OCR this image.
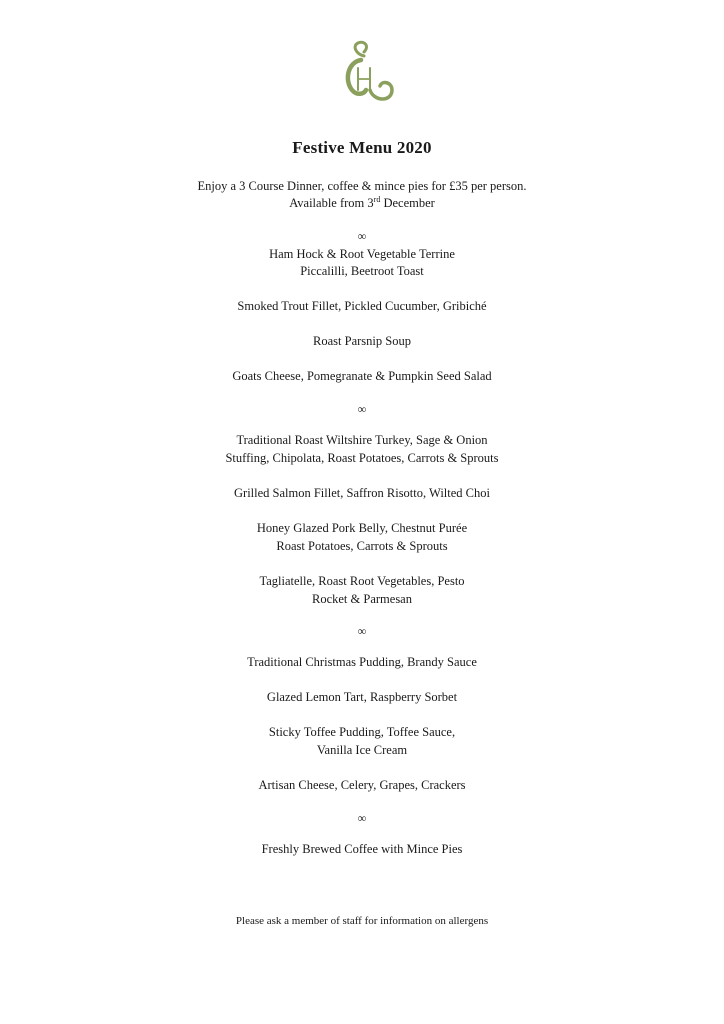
Festive Menu 2020
Enjoy a 3 Course Dinner, coffee & mince pies for £35 per person.
Available from 3rd December
∞
Ham Hock & Root Vegetable Terrine
Piccalilli, Beetroot Toast
Smoked Trout Fillet, Pickled Cucumber, Gribiché
Roast Parsnip Soup
Goats Cheese, Pomegranate & Pumpkin Seed Salad
∞
Traditional Roast Wiltshire Turkey, Sage & Onion
Stuffing, Chipolata, Roast Potatoes, Carrots & Sprouts
Grilled Salmon Fillet, Saffron Risotto, Wilted Choi
Honey Glazed Pork Belly, Chestnut Purée
Roast Potatoes, Carrots & Sprouts
Tagliatelle, Roast Root Vegetables, Pesto
Rocket & Parmesan
∞
Traditional Christmas Pudding, Brandy Sauce
Glazed Lemon Tart, Raspberry Sorbet
Sticky Toffee Pudding, Toffee Sauce,
Vanilla Ice Cream
Artisan Cheese, Celery, Grapes, Crackers
∞
Freshly Brewed Coffee with Mince Pies
Please ask a member of staff for information on allergens
